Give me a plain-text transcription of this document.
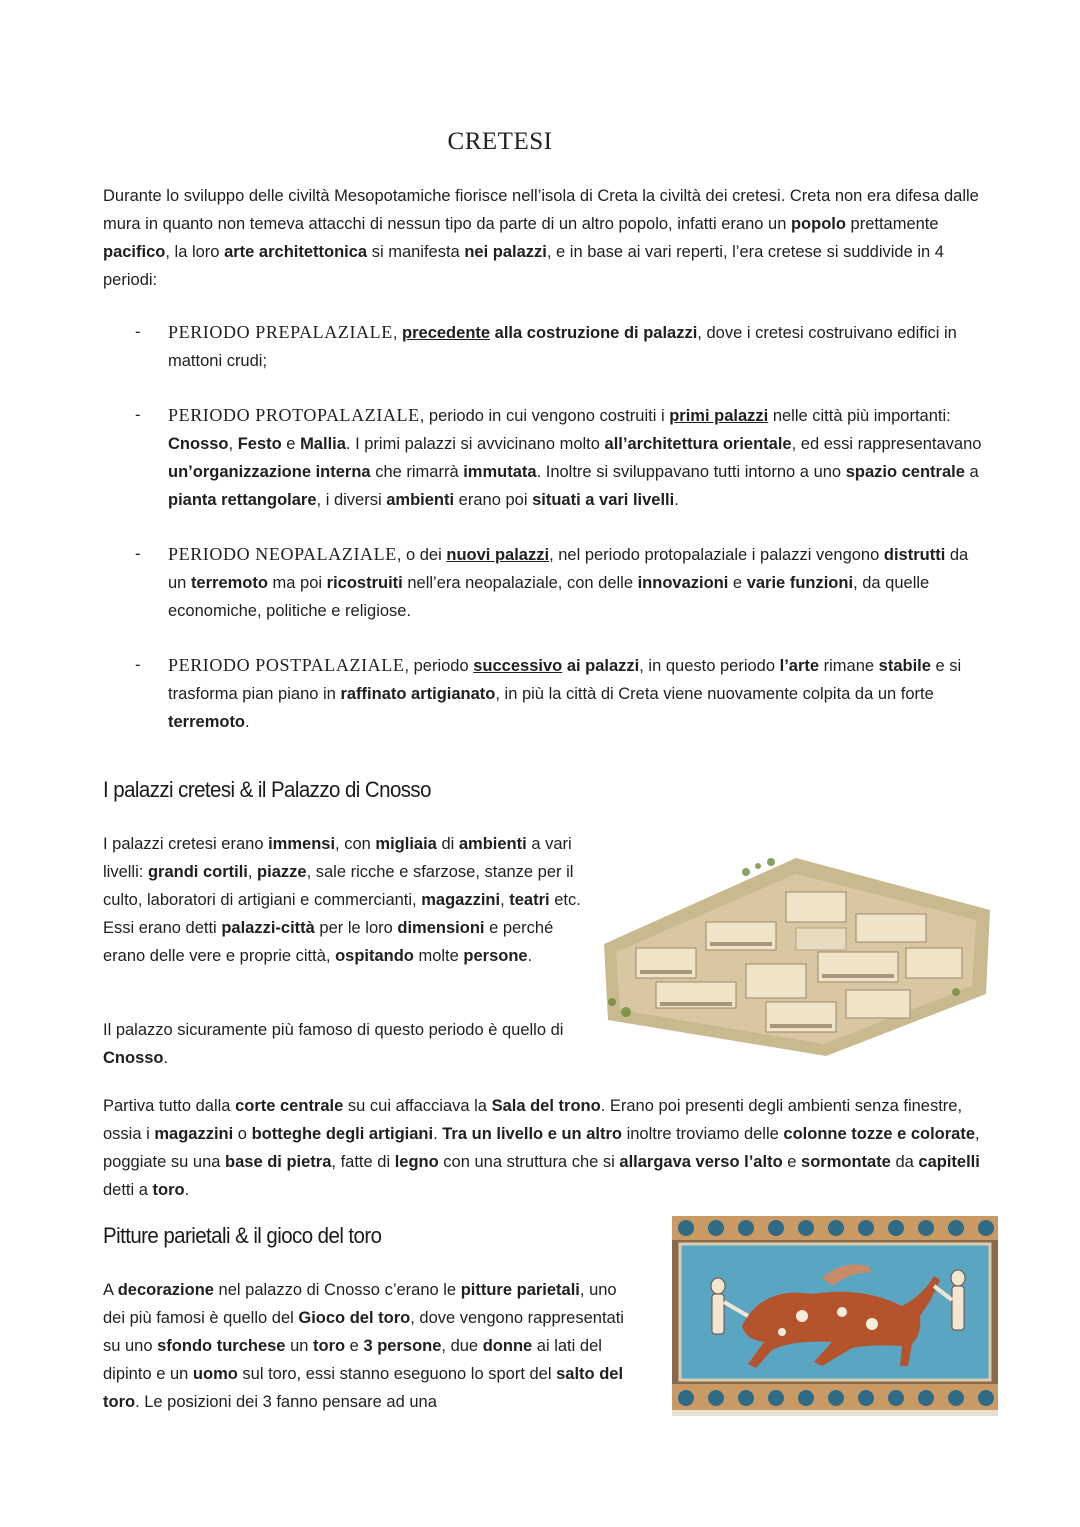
CRETESI

Durante lo sviluppo delle civiltà Mesopotamiche fiorisce nell’isola di Creta la civiltà dei cretesi. Creta non era difesa dalle mura in quanto non temeva attacchi di nessun tipo da parte di un altro popolo, infatti erano un popolo prettamente pacifico, la loro arte architettonica si manifesta nei palazzi, e in base ai vari reperti, l’era cretese si suddivide in 4 periodi:

- PERIODO PREPALAZIALE, precedente alla costruzione di palazzi, dove i cretesi costruivano edifici in mattoni crudi;
- PERIODO PROTOPALAZIALE, periodo in cui vengono costruiti i primi palazzi nelle città più importanti: Cnosso, Festo e Mallia. I primi palazzi si avvicinano molto all’architettura orientale, ed essi rappresentavano un’organizzazione interna che rimarrà immutata. Inoltre si sviluppavano tutti intorno a uno spazio centrale a pianta rettangolare, i diversi ambienti erano poi situati a vari livelli.
- PERIODO NEOPALAZIALE, o dei nuovi palazzi, nel periodo protopalaziale i palazzi vengono distrutti da un terremoto ma poi ricostruiti nell’era neopalaziale, con delle innovazioni e varie funzioni, da quelle economiche, politiche e religiose.
- PERIODO POSTPALAZIALE, periodo successivo ai palazzi, in questo periodo l’arte rimane stabile e si trasforma pian piano in raffinato artigianato, in più la città di Creta viene nuovamente colpita da un forte terremoto.
I palazzi cretesi & il Palazzo di Cnosso

I palazzi cretesi erano immensi, con migliaia di ambienti a vari livelli: grandi cortili, piazze, sale ricche e sfarzose, stanze per il culto, laboratori di artigiani e commercianti, magazzini, teatri etc. Essi erano detti palazzi-città per le loro dimensioni e perché erano delle vere e proprie città, ospitando molte persone.

Il palazzo sicuramente più famoso di questo periodo è quello di Cnosso.

Partiva tutto dalla corte centrale su cui affacciava la Sala del trono. Erano poi presenti degli ambienti senza finestre, ossia i magazzini o botteghe degli artigiani. Tra un livello e un altro inoltre troviamo delle colonne tozze e colorate, poggiate su una base di pietra, fatte di legno con una struttura che si allargava verso l’alto e sormontate da capitelli detti a toro.

Pitture parietali & il gioco del toro

A decorazione nel palazzo di Cnosso c’erano le pitture parietali, uno dei più famosi è quello del Gioco del toro, dove vengono rappresentati su uno sfondo turchese un toro e 3 persone, due donne ai lati del dipinto e un uomo sul toro, essi stanno eseguono lo sport del salto del toro. Le posizioni dei 3 fanno pensare ad una
